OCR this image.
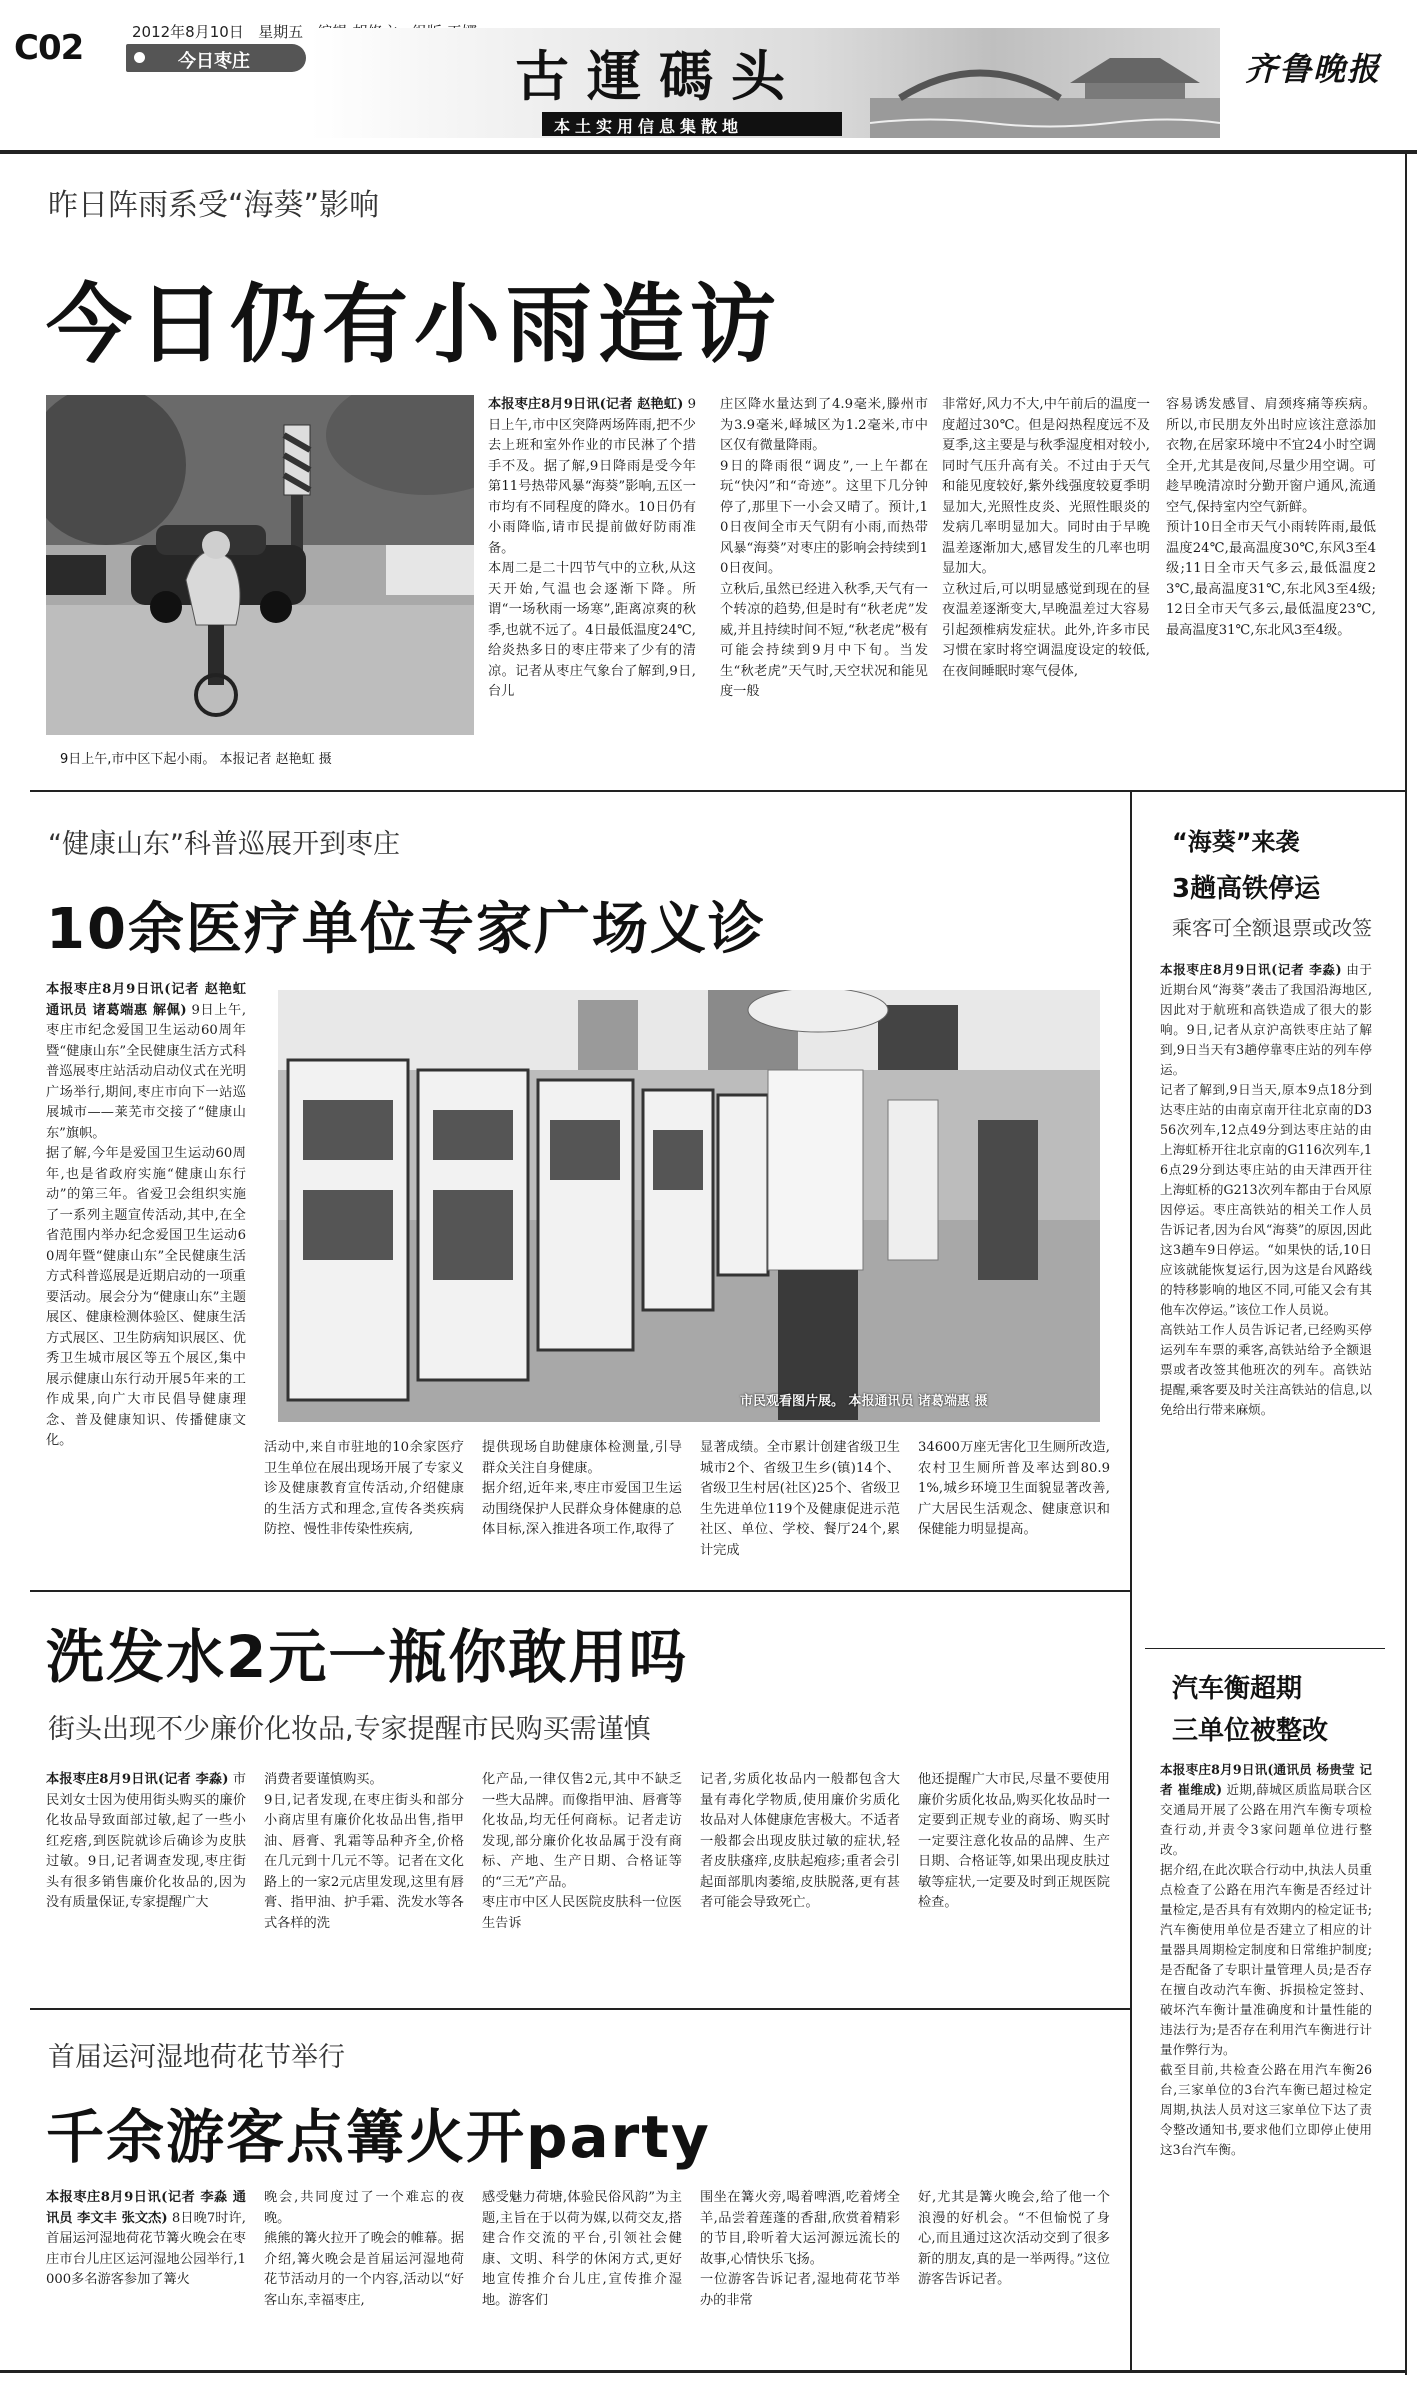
C02	2012年8月10日 星期五
今日枣庄	古運碼头
本土实用信息集散地
齐鲁晚报
昨日阵雨系受“海葵”影响
今日仍有小雨造访
9日上午,市中区下起小雨。 本报记者 赵艳虹 摄
本报枣庄8月9日讯(记者 赵艳虹) 9日上午,市中区突降两场阵雨,把不少去上班和室外作业的市民淋了个措手不及。据了解,9日降雨是受今年第11号热带风暴“海葵”影响,五区一市均有不同程度的降水。10日仍有小雨降临,请市民提前做好防雨准备。
本周二是二十四节气中的立秋,从这天开始,气温也会逐渐下降。所谓“一场秋雨一场寒”,距离凉爽的秋季,也就不远了。4日最低温度24℃,给炎热多日的枣庄带来了少有的清凉。记者从枣庄气象台了解到,9日,台儿
庄区降水量达到了4.9毫米,滕州市为3.9毫米,峄城区为1.2毫米,市中区仅有微量降雨。
9日的降雨很“调皮”,一上午都在玩“快闪”和“奇迹”。这里下几分钟停了,那里下一小会又晴了。预计,10日夜间全市天气阴有小雨,而热带风暴“海葵”对枣庄的影响会持续到10日夜间。
立秋后,虽然已经进入秋季,天气有一个转凉的趋势,但是时有“秋老虎”发威,并且持续时间不短,“秋老虎”极有可能会持续到9月中下旬。当发生“秋老虎”天气时,天空状况和能见度一般
非常好,风力不大,中午前后的温度一度超过30℃。但是闷热程度远不及夏季,这主要是与秋季湿度相对较小,同时气压升高有关。不过由于天气和能见度较好,紫外线强度较夏季明显加大,光照性皮炎、光照性眼炎的发病几率明显加大。同时由于早晚温差逐渐加大,感冒发生的几率也明显加大。
立秋过后,可以明显感觉到现在的昼夜温差逐渐变大,早晚温差过大容易引起颈椎病发症状。此外,许多市民习惯在家时将空调温度设定的较低,在夜间睡眠时寒气侵体,
容易诱发感冒、肩颈疼痛等疾病。所以,市民朋友外出时应该注意添加衣物,在居家环境中不宜24小时空调全开,尤其是夜间,尽量少用空调。可趁早晚清凉时分勤开窗户通风,流通空气,保持室内空气新鲜。
预计10日全市天气小雨转阵雨,最低温度24℃,最高温度30℃,东风3至4级;11日全市天气多云,最低温度23℃,最高温度31℃,东北风3至4级;12日全市天气多云,最低温度23℃,最高温度31℃,东北风3至4级。
“健康山东”科普巡展开到枣庄
10余医疗单位专家广场义诊
本报枣庄8月9日讯(记者 赵艳虹 通讯员 诸葛端惠 解佩) 9日上午,枣庄市纪念爱国卫生运动60周年暨“健康山东”全民健康生活方式科普巡展枣庄站活动启动仪式在光明广场举行,期间,枣庄市向下一站巡展城市——莱芜市交接了“健康山东”旗帜。
据了解,今年是爱国卫生运动60周年,也是省政府实施“健康山东行动”的第三年。省爱卫会组织实施了一系列主题宣传活动,其中,在全省范围内举办纪念爱国卫生运动60周年暨“健康山东”全民健康生活方式科普巡展是近期启动的一项重要活动。展会分为“健康山东”主题展区、健康检测体验区、健康生活方式展区、卫生防病知识展区、优秀卫生城市展区等五个展区,集中展示健康山东行动开展5年来的工作成果,向广大市民倡导健康理念、普及健康知识、传播健康文化。
市民观看图片展。 本报通讯员 诸葛端惠 摄
活动中,来自市驻地的10余家医疗卫生单位在展出现场开展了专家义诊及健康教育宣传活动,介绍健康的生活方式和理念,宣传各类疾病防控、慢性非传染性疾病,
提供现场自助健康体检测量,引导群众关注自身健康。
据介绍,近年来,枣庄市爱国卫生运动围绕保护人民群众身体健康的总体目标,深入推进各项工作,取得了
显著成绩。全市累计创建省级卫生城市2个、省级卫生乡(镇)14个、省级卫生村居(社区)25个、省级卫生先进单位119个及健康促进示范社区、单位、学校、餐厅24个,累计完成
34600万座无害化卫生厕所改造,农村卫生厕所普及率达到80.91%,城乡环境卫生面貌显著改善,广大居民生活观念、健康意识和保健能力明显提高。
洗发水2元一瓶你敢用吗
街头出现不少廉价化妆品,专家提醒市民购买需谨慎
本报枣庄8月9日讯(记者 李淼) 市民刘女士因为使用街头购买的廉价化妆品导致面部过敏,起了一些小红疙瘩,到医院就诊后确诊为皮肤过敏。9日,记者调查发现,枣庄街头有很多销售廉价化妆品的,因为没有质量保证,专家提醒广大
消费者要谨慎购买。
9日,记者发现,在枣庄街头和部分小商店里有廉价化妆品出售,指甲油、唇膏、乳霜等品种齐全,价格在几元到十几元不等。记者在文化路上的一家2元店里发现,这里有唇膏、指甲油、护手霜、洗发水等各式各样的洗
化产品,一律仅售2元,其中不缺乏一些大品牌。而像指甲油、唇膏等化妆品,均无任何商标。记者走访发现,部分廉价化妆品属于没有商标、产地、生产日期、合格证等的“三无”产品。
枣庄市中区人民医院皮肤科一位医生告诉
记者,劣质化妆品内一般都包含大量有毒化学物质,使用廉价劣质化妆品对人体健康危害极大。不适者一般都会出现皮肤过敏的症状,轻者皮肤瘙痒,皮肤起疱疹;重者会引起面部肌肉萎缩,皮肤脱落,更有甚者可能会导致死亡。
他还提醒广大市民,尽量不要使用廉价劣质化妆品,购买化妆品时一定要到正规专业的商场、购买时一定要注意化妆品的品牌、生产日期、合格证等,如果出现皮肤过敏等症状,一定要及时到正规医院检查。
首届运河湿地荷花节举行
千余游客点篝火开party
本报枣庄8月9日讯(记者 李淼 通讯员 李文丰 张文杰) 8日晚7时许,首届运河湿地荷花节篝火晚会在枣庄市台儿庄区运河湿地公园举行,1000多名游客参加了篝火
晚会,共同度过了一个难忘的夜晚。
熊熊的篝火拉开了晚会的帷幕。据介绍,篝火晚会是首届运河湿地荷花节活动月的一个内容,活动以“好客山东,幸福枣庄,
感受魅力荷塘,体验民俗风韵”为主题,主旨在于以荷为媒,以荷交友,搭建合作交流的平台,引领社会健康、文明、科学的休闲方式,更好地宣传推介台儿庄,宣传推介湿地。游客们
围坐在篝火旁,喝着啤酒,吃着烤全羊,品尝着莲蓬的香甜,欣赏着精彩的节目,聆听着大运河源远流长的故事,心情快乐飞扬。
一位游客告诉记者,湿地荷花节举办的非常
好,尤其是篝火晚会,给了他一个浪漫的好机会。“不但愉悦了身心,而且通过这次活动交到了很多新的朋友,真的是一举两得。”这位游客告诉记者。
“海葵”来袭
3趟高铁停运
乘客可全额退票或改签
本报枣庄8月9日讯(记者 李淼) 由于近期台风“海葵”袭击了我国沿海地区,因此对于航班和高铁造成了很大的影响。9日,记者从京沪高铁枣庄站了解到,9日当天有3趟停靠枣庄站的列车停运。
记者了解到,9日当天,原本9点18分到达枣庄站的由南京南开往北京南的D356次列车,12点49分到达枣庄站的由上海虹桥开往北京南的G116次列车,16点29分到达枣庄站的由天津西开往上海虹桥的G213次列车都由于台风原因停运。枣庄高铁站的相关工作人员告诉记者,因为台风“海葵”的原因,因此这3趟车9日停运。“如果快的话,10日应该就能恢复运行,因为这是台风路线的特移影响的地区不同,可能又会有其他车次停运。”该位工作人员说。
高铁站工作人员告诉记者,已经购买停运列车车票的乘客,高铁站给予全额退票或者改签其他班次的列车。高铁站提醒,乘客要及时关注高铁站的信息,以免给出行带来麻烦。
汽车衡超期
三单位被整改
本报枣庄8月9日讯(通讯员 杨贵莹 记者 崔维成) 近期,薛城区质监局联合区交通局开展了公路在用汽车衡专项检查行动,并责令3家问题单位进行整改。
据介绍,在此次联合行动中,执法人员重点检查了公路在用汽车衡是否经过计量检定,是否具有有效期内的检定证书;汽车衡使用单位是否建立了相应的计量器具周期检定制度和日常维护制度;是否配备了专职计量管理人员;是否存在擅自改动汽车衡、拆损检定签封、破坏汽车衡计量准确度和计量性能的违法行为;是否存在利用汽车衡进行计量作弊行为。
截至目前,共检查公路在用汽车衡26台,三家单位的3台汽车衡已超过检定周期,执法人员对这三家单位下达了责令整改通知书,要求他们立即停止使用这3台汽车衡。
